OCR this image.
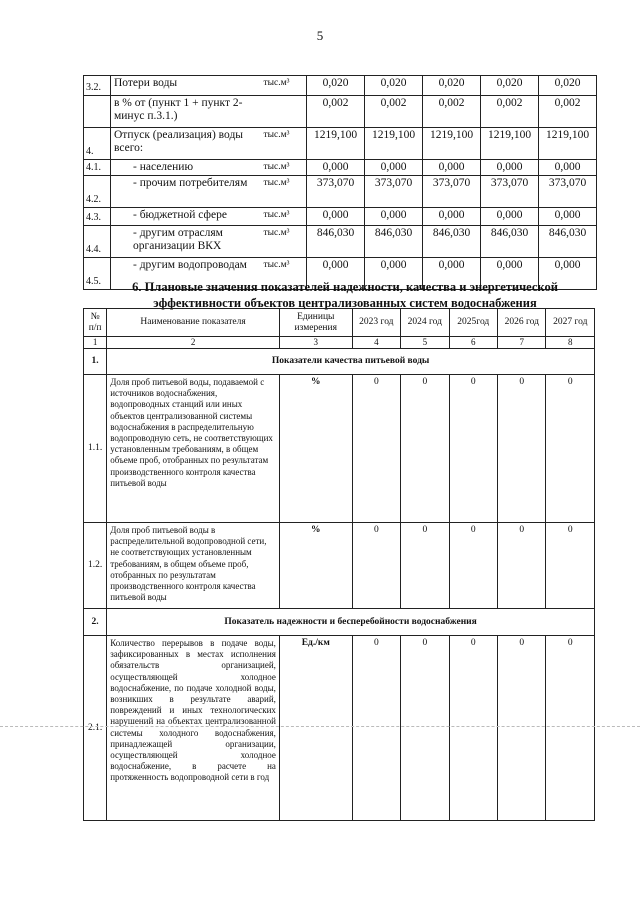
5
3.2.	Потери воды	тыс.м³	0,020	0,020	0,020	0,020	0,020
	в % от (пункт 1 + пункт 2-минус п.3.1.)		0,002	0,002	0,002	0,002	0,002
4.	Отпуск (реализация) воды всего:	тыс.м³	1219,100	1219,100	1219,100	1219,100	1219,100
4.1.	- населению	тыс.м³	0,000	0,000	0,000	0,000	0,000
4.2.	- прочим потребителям	тыс.м³	373,070	373,070	373,070	373,070	373,070
4.3.	- бюджетной сфере	тыс.м³	0,000	0,000	0,000	0,000	0,000
4.4.	- другим отраслям организации ВКХ	тыс.м³	846,030	846,030	846,030	846,030	846,030
4.5.	- другим водопроводам	тыс.м³	0,000	0,000	0,000	0,000	0,000
6. Плановые значения показателей надежности, качества и энергетической эффективности объектов централизованных систем водоснабжения
№ п/п	Наименование показателя	Единицы измерения	2023 год	2024 год	2025год	2026 год	2027 год
1	2	3	4	5	6	7	8
1.	Показатели качества питьевой воды						
1.1.	Доля проб питьевой воды, подаваемой с источников водоснабжения, водопроводных станций или иных объектов централизованной системы водоснабжения в распределительную водопроводную сеть, не соответствующих установленным требованиям, в общем объеме проб, отобранных по результатам производственного контроля качества питьевой воды	%	0	0	0	0	0
1.2.	Доля проб питьевой воды в распределительной водопроводной сети, не соответствующих установленным требованиям, в общем объеме проб, отобранных по результатам производственного контроля качества питьевой воды	%	0	0	0	0	0
2.	Показатель надежности и бесперебойности водоснабжения						
2.1.	Количество перерывов в подаче воды, зафиксированных в местах исполнения обязательств организацией, осуществляющей холодное водоснабжение, по подаче холодной воды, возникших в результате аварий, повреждений и иных технологических нарушений на объектах централизованной системы холодного водоснабжения, принадлежащей организации, осуществляющей холодное водоснабжение, в расчете на протяженность водопроводной сети в год	Ед./км	0	0	0	0	0
